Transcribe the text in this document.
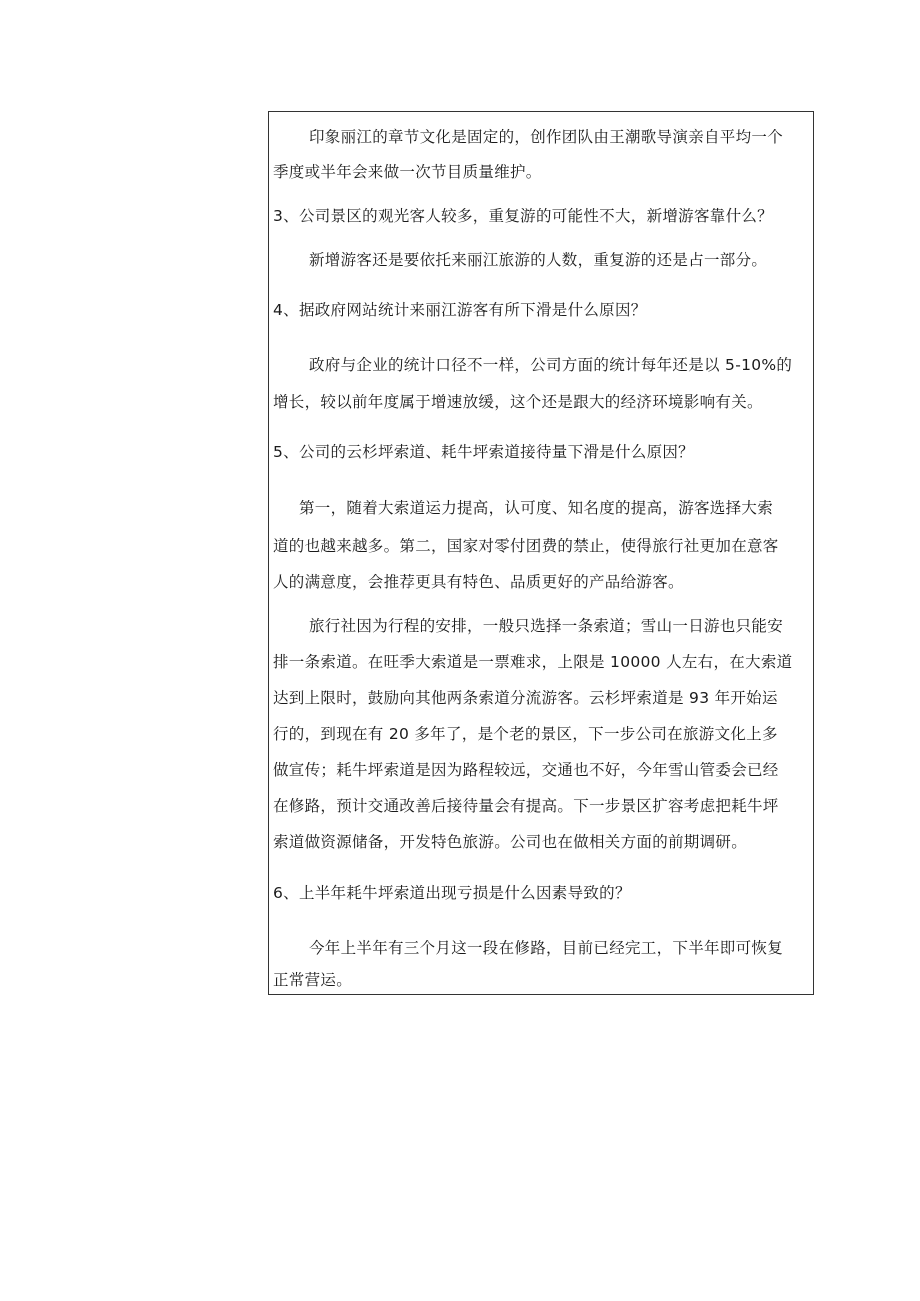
印象丽江的章节文化是固定的，创作团队由王潮歌导演亲自平均一个
季度或半年会来做一次节目质量维护。
3、公司景区的观光客人较多，重复游的可能性不大，新增游客靠什么？
新增游客还是要依托来丽江旅游的人数，重复游的还是占一部分。
4、据政府网站统计来丽江游客有所下滑是什么原因？
政府与企业的统计口径不一样，公司方面的统计每年还是以 5-10%的
增长，较以前年度属于增速放缓，这个还是跟大的经济环境影响有关。
5、公司的云杉坪索道、耗牛坪索道接待量下滑是什么原因？
第一，随着大索道运力提高，认可度、知名度的提高，游客选择大索
道的也越来越多。第二，国家对零付团费的禁止，使得旅行社更加在意客
人的满意度，会推荐更具有特色、品质更好的产品给游客。
旅行社因为行程的安排，一般只选择一条索道；雪山一日游也只能安
排一条索道。在旺季大索道是一票难求，上限是 10000 人左右，在大索道
达到上限时，鼓励向其他两条索道分流游客。云杉坪索道是 93 年开始运
行的，到现在有 20 多年了，是个老的景区，下一步公司在旅游文化上多
做宣传；耗牛坪索道是因为路程较远，交通也不好，今年雪山管委会已经
在修路，预计交通改善后接待量会有提高。下一步景区扩容考虑把耗牛坪
索道做资源储备，开发特色旅游。公司也在做相关方面的前期调研。
6、上半年耗牛坪索道出现亏损是什么因素导致的？
今年上半年有三个月这一段在修路，目前已经完工，下半年即可恢复
正常营运。
